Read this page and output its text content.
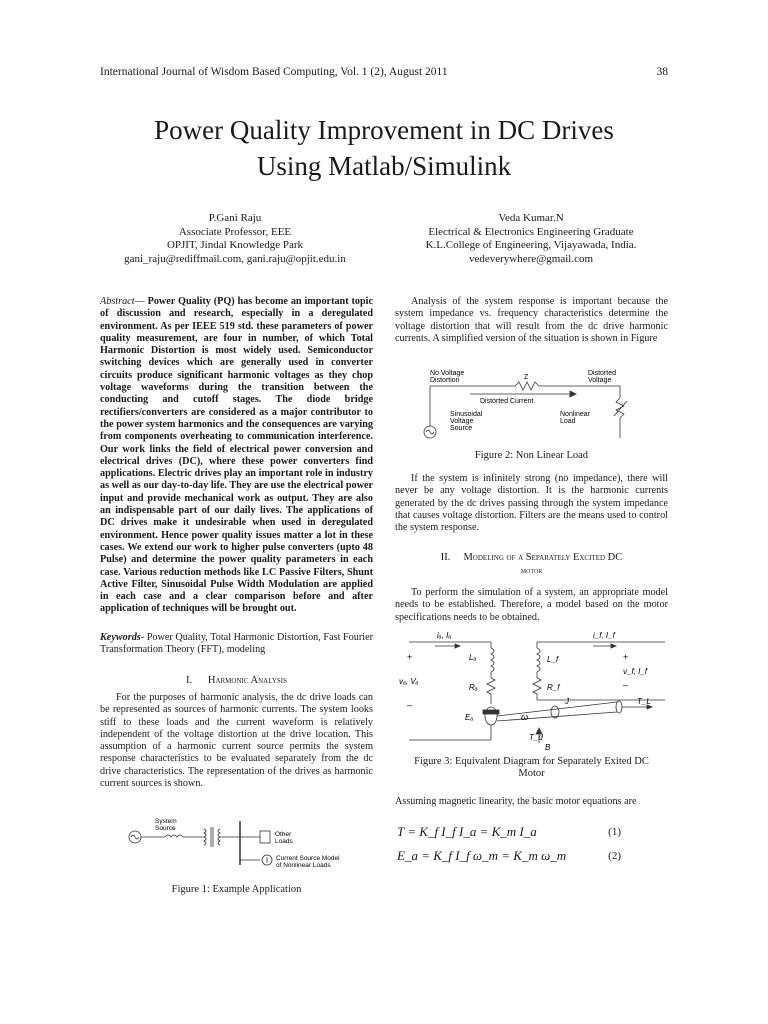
International Journal of Wisdom Based Computing, Vol. 1 (2), August 2011	38
Power Quality Improvement in DC Drives
Using Matlab/Simulink
P.Gani Raju
Associate Professor, EEE
OPJIT, Jindal Knowledge Park
gani_raju@rediffmail.com, gani.raju@opjit.edu.in
Veda Kumar.N
Electrical & Electronics Engineering Graduate
K.L.College of Engineering, Vijayawada, India.
vedeverywhere@gmail.com
Abstract— Power Quality (PQ) has become an important topic of discussion and research, especially in a deregulated environment. As per IEEE 519 std. these parameters of power quality measurement, are four in number, of which Total Harmonic Distortion is most widely used. Semiconductor switching devices which are generally used in converter circuits produce significant harmonic voltages as they chop voltage waveforms during the transition between the conducting and cutoff stages. The diode bridge rectifiers/converters are considered as a major contributor to the power system harmonics and the consequences are varying from components overheating to communication interference. Our work links the field of electrical power conversion and electrical drives (DC), where these power converters find applications. Electric drives play an important role in industry as well as our day-to-day life. They are use the electrical power input and provide mechanical work as output. They are also an indispensable part of our daily lives. The applications of DC drives make it undesirable when used in deregulated environment. Hence power quality issues matter a lot in these cases. We extend our work to higher pulse converters (upto 48 Pulse) and determine the power quality parameters in each case. Various reduction methods like LC Passive Filters, Shunt Active Filter, Sinusoidal Pulse Width Modulation are applied in each case and a clear comparison before and after application of techniques will be brought out.
Keywords- Power Quality, Total Harmonic Distortion, Fast Fourier Transformation Theory (FFT), modeling
I. Harmonic Analysis
For the purposes of harmonic analysis, the dc drive loads can be represented as sources of harmonic currents. The system looks stiff to these loads and the current waveform is relatively independent of the voltage distortion at the drive location. This assumption of a harmonic current source permits the system response characteristics to be evaluated separately from the dc drive characteristics. The representation of the drives as harmonic current sources is shown.
System
Source
Other
Loads
Current Source Model
of Nonlinear Loads
Figure 1: Example Application
Analysis of the system response is important because the system impedance vs. frequency characteristics determine the voltage distortion that will result from the dc drive harmonic currents. A simplified version of the situation is shown in Figure
No Voltage
Distortion	Z
Distorted
Voltage
Distorted Current
Sinusoidal
Voltage
Source
Nonlinear
Load
Figure 2: Non Linear Load
If the system is infinitely strong (no impedance), there will never be any voltage distortion. It is the harmonic currents generated by the dc drives passing through the system impedance that causes voltage distortion. Filters are the means used to control the system response.
II. Modeling of a Separately Excited DC
motor
To perform the simulation of a system, an appropriate model needs to be established. Therefore, a model based on the motor specifications needs to be obtained.
iₐ, Iₐ	i_f, I_f
+
vₐ, Vₐ
–
+
v_f, I_f
–
Lₐ	L_f
Rₐ	R_f
Eₐ	ω
J	T_L
T_d
B
Figure 3: Equivalent Diagram for Separately Exited DC
Motor
Assuming magnetic linearity, the basic motor equations are
T = K_f I_f I_a = K_m I_a	(1)
E_a = K_f I_f ω_m = K_m ω_m	(2)
